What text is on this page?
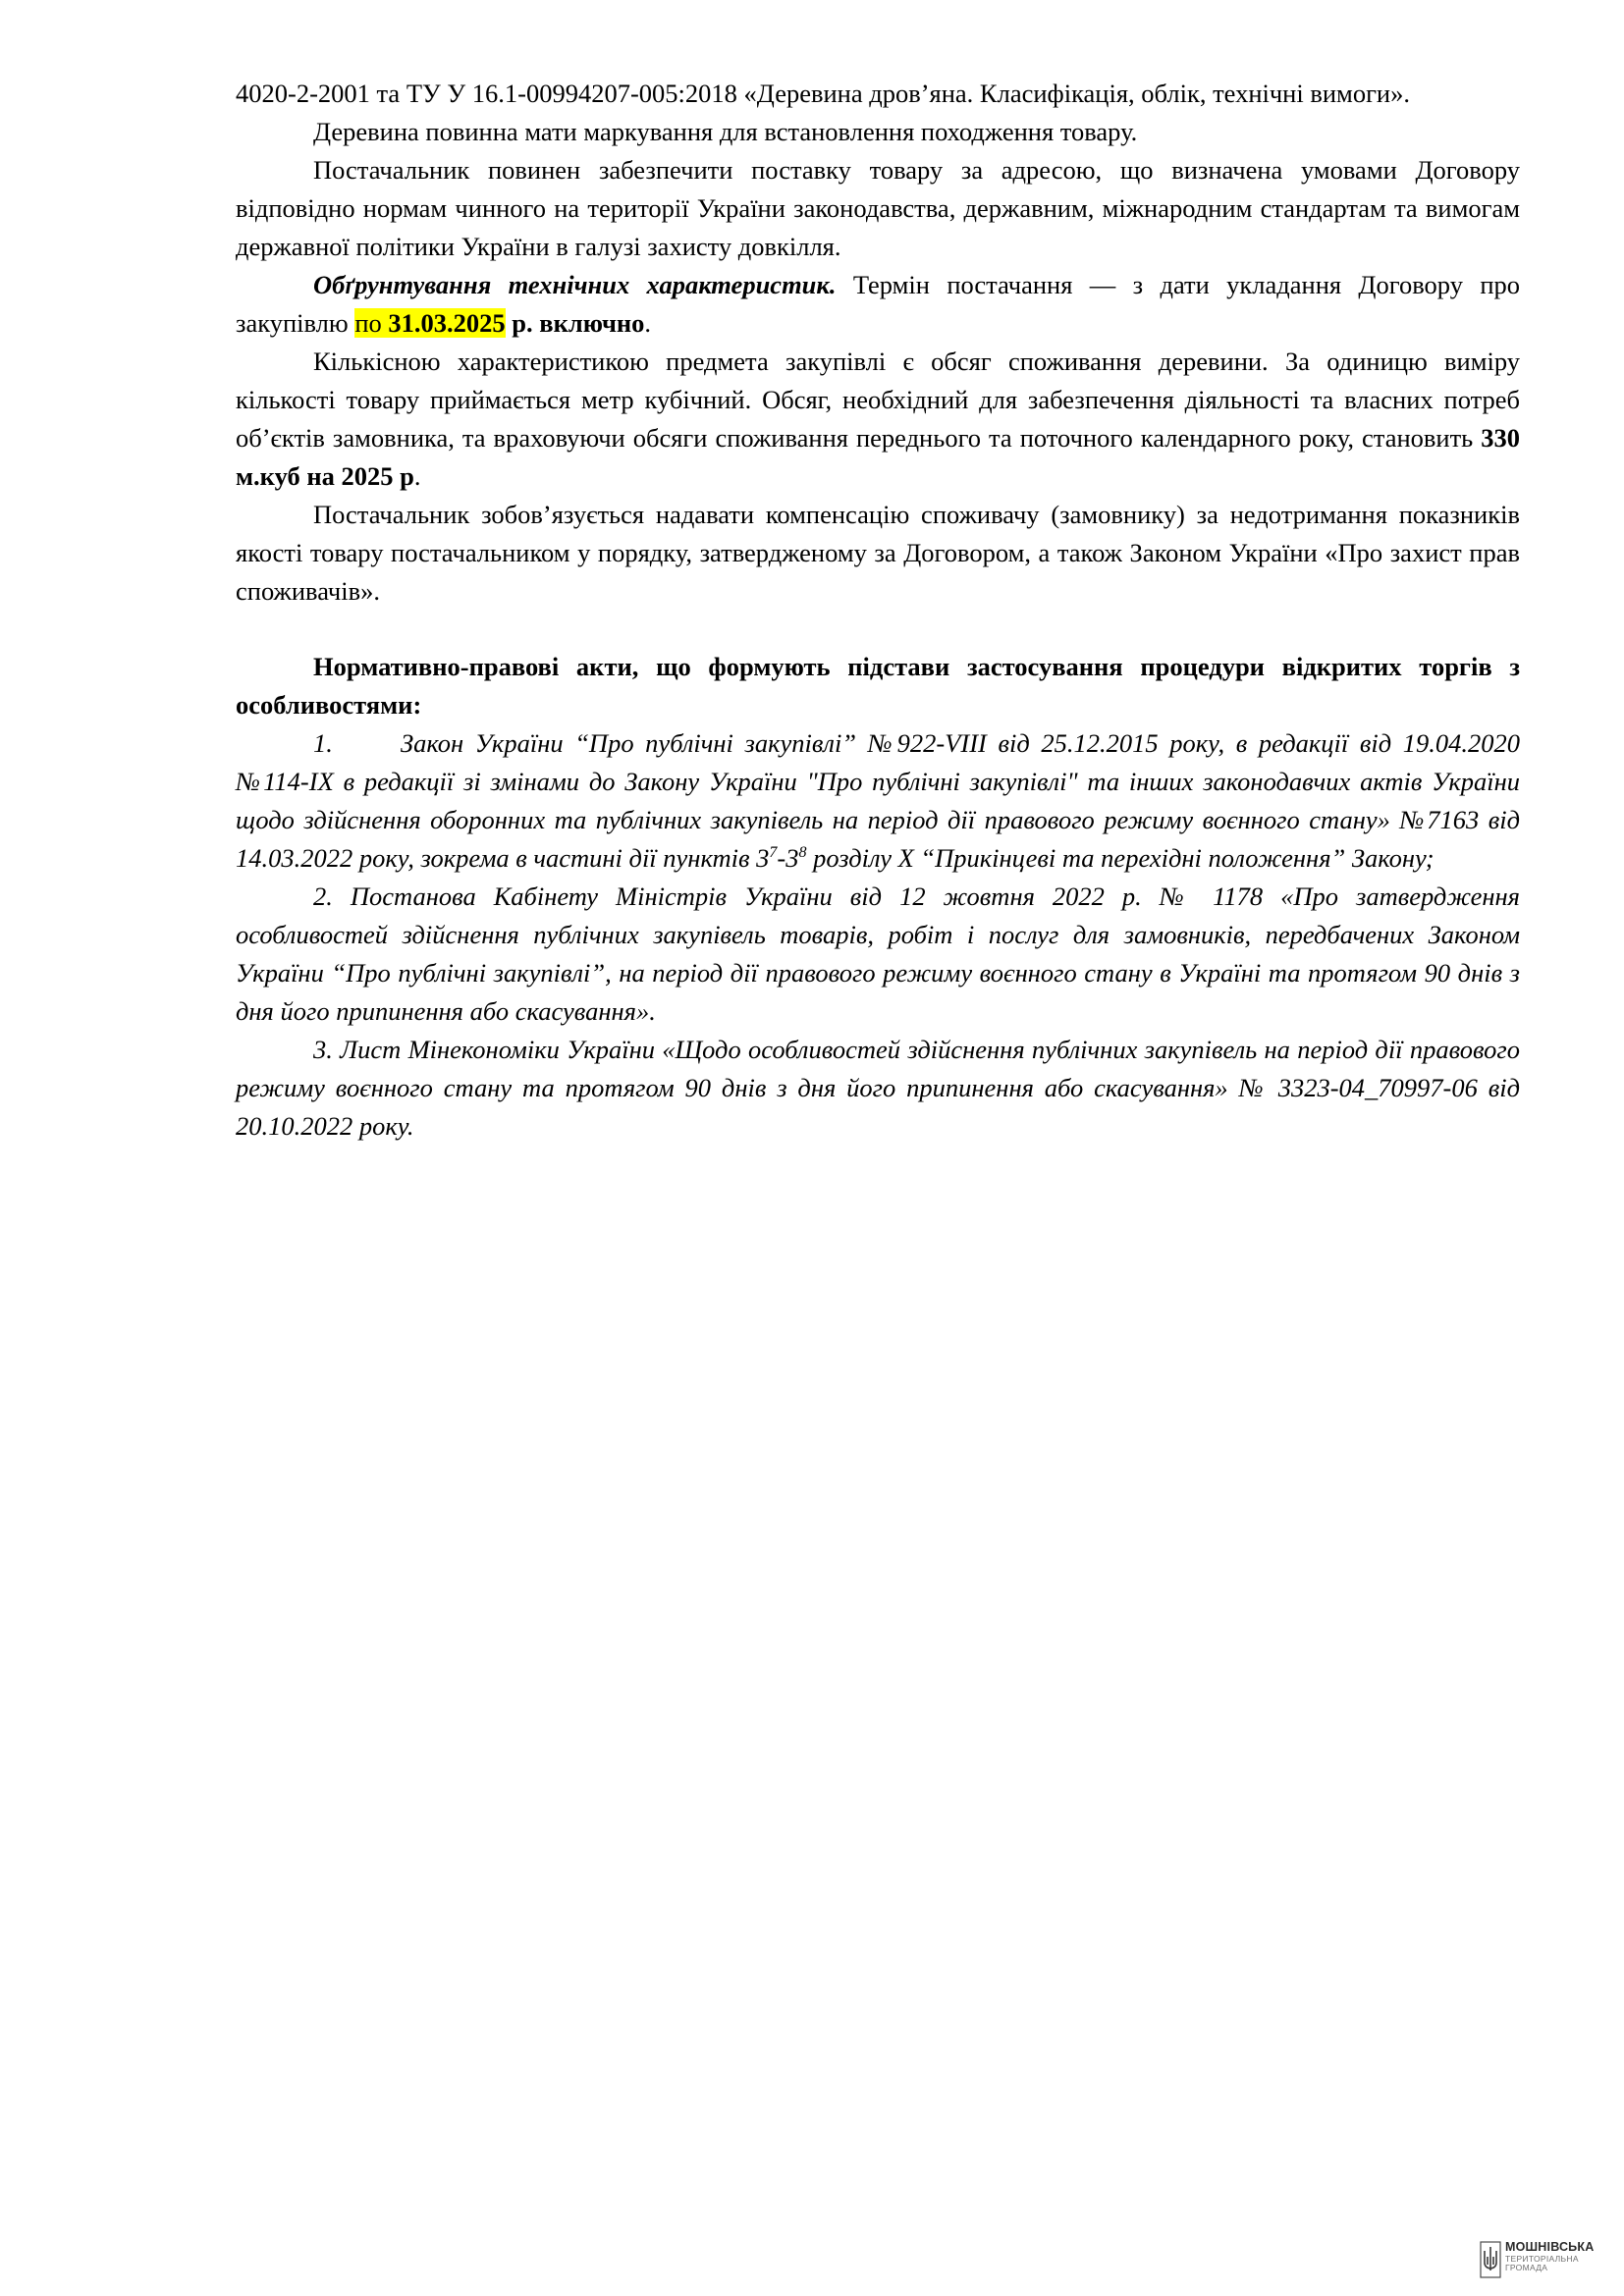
4020-2-2001 та ТУ У 16.1-00994207-005:2018 «Деревина дров’яна. Класифікація, облік, технічні вимоги».

Деревина повинна мати маркування для встановлення походження товару.

Постачальник повинен забезпечити поставку товару за адресою, що визначена умовами Договору відповідно нормам чинного на території України законодавства, державним, міжнародним стандартам та вимогам державної політики України в галузі захисту довкілля.

Обґрунтування технічних характеристик. Термін постачання — з дати укладання Договору про закупівлю по 31.03.2025 р. включно.

Кількісною характеристикою предмета закупівлі є обсяг споживання деревини. За одиницю виміру кількості товару приймається метр кубічний. Обсяг, необхідний для забезпечення діяльності та власних потреб об’єктів замовника, та враховуючи обсяги споживання переднього та поточного календарного року, становить 330 м.куб на 2025 р.

Постачальник зобов’язується надавати компенсацію споживачу (замовнику) за недотримання показників якості товару постачальником у порядку, затвердженому за Договором, а також Законом України «Про захист прав споживачів».

Нормативно-правові акти, що формують підстави застосування процедури відкритих торгів з особливостями:

1.	Закон України “Про публічні закупівлі” №922-VIII від 25.12.2015 року, в редакції від 19.04.2020 №114-IX в редакції зі змінами до Закону України "Про публічні закупівлі" та інших законодавчих актів України щодо здійснення оборонних та публічних закупівель на період дії правового режиму воєнного стану» №7163 від 14.03.2022 року, зокрема в частині дії пунктів $3^7-3^8$ розділу X “Прикінцеві та перехідні положення” Закону;

2. Постанова Кабінету Міністрів України від 12 жовтня 2022 р. № 1178 «Про затвердження особливостей здійснення публічних закупівель товарів, робіт і послуг для замовників, передбачених Законом України “Про публічні закупівлі”, на період дії правового режиму воєнного стану в Україні та протягом 90 днів з дня його припинення або скасування».

3. Лист Мінекономіки України «Щодо особливостей здійснення публічних закупівель на період дії правового режиму воєнного стану та протягом 90 днів з дня його припинення або скасування» № 3323-04_70997-06 від 20.10.2022 року.

МОШНІВСЬКА
ТЕРИТОРІАЛЬНА
ГРОМАДА
